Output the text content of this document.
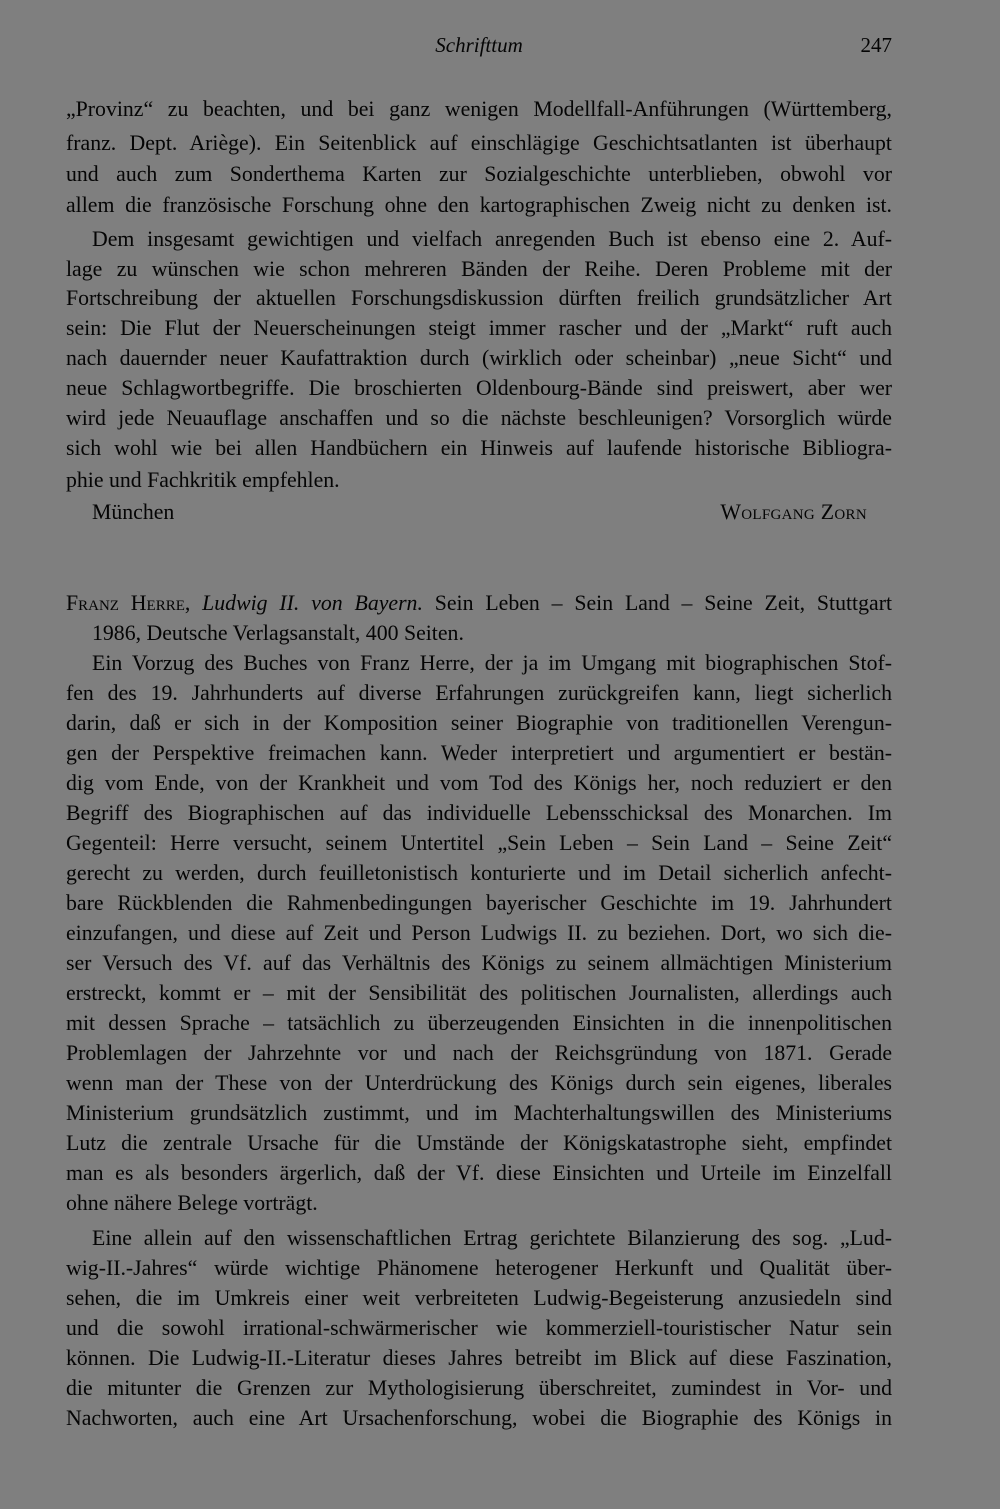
Schrifttum	247
„Provinz“ zu beachten, und bei ganz wenigen Modellfall-Anführungen (Württemberg,
franz. Dept. Ariège). Ein Seitenblick auf einschlägige Geschichtsatlanten ist überhaupt
und auch zum Sonderthema Karten zur Sozialgeschichte unterblieben, obwohl vor
allem die französische Forschung ohne den kartographischen Zweig nicht zu denken ist.
Dem insgesamt gewichtigen und vielfach anregenden Buch ist ebenso eine 2. Auf-
lage zu wünschen wie schon mehreren Bänden der Reihe. Deren Probleme mit der
Fortschreibung der aktuellen Forschungsdiskussion dürften freilich grundsätzlicher Art
sein: Die Flut der Neuerscheinungen steigt immer rascher und der „Markt“ ruft auch
nach dauernder neuer Kaufattraktion durch (wirklich oder scheinbar) „neue Sicht“ und
neue Schlagwortbegriffe. Die broschierten Oldenbourg-Bände sind preiswert, aber wer
wird jede Neuauflage anschaffen und so die nächste beschleunigen? Vorsorglich würde
sich wohl wie bei allen Handbüchern ein Hinweis auf laufende historische Bibliogra-
phie und Fachkritik empfehlen.
München	Wolfgang Zorn
Franz Herre, Ludwig II. von Bayern. Sein Leben – Sein Land – Seine Zeit, Stuttgart
1986, Deutsche Verlagsanstalt, 400 Seiten.
Ein Vorzug des Buches von Franz Herre, der ja im Umgang mit biographischen Stof-
fen des 19. Jahrhunderts auf diverse Erfahrungen zurückgreifen kann, liegt sicherlich
darin, daß er sich in der Komposition seiner Biographie von traditionellen Verengun-
gen der Perspektive freimachen kann. Weder interpretiert und argumentiert er bestän-
dig vom Ende, von der Krankheit und vom Tod des Königs her, noch reduziert er den
Begriff des Biographischen auf das individuelle Lebensschicksal des Monarchen. Im
Gegenteil: Herre versucht, seinem Untertitel „Sein Leben – Sein Land – Seine Zeit“
gerecht zu werden, durch feuilletonistisch konturierte und im Detail sicherlich anfecht-
bare Rückblenden die Rahmenbedingungen bayerischer Geschichte im 19. Jahrhundert
einzufangen, und diese auf Zeit und Person Ludwigs II. zu beziehen. Dort, wo sich die-
ser Versuch des Vf. auf das Verhältnis des Königs zu seinem allmächtigen Ministerium
erstreckt, kommt er – mit der Sensibilität des politischen Journalisten, allerdings auch
mit dessen Sprache – tatsächlich zu überzeugenden Einsichten in die innenpolitischen
Problemlagen der Jahrzehnte vor und nach der Reichsgründung von 1871. Gerade
wenn man der These von der Unterdrückung des Königs durch sein eigenes, liberales
Ministerium grundsätzlich zustimmt, und im Machterhaltungswillen des Ministeriums
Lutz die zentrale Ursache für die Umstände der Königskatastrophe sieht, empfindet
man es als besonders ärgerlich, daß der Vf. diese Einsichten und Urteile im Einzelfall
ohne nähere Belege vorträgt.
Eine allein auf den wissenschaftlichen Ertrag gerichtete Bilanzierung des sog. „Lud-
wig-II.-Jahres“ würde wichtige Phänomene heterogener Herkunft und Qualität über-
sehen, die im Umkreis einer weit verbreiteten Ludwig-Begeisterung anzusiedeln sind
und die sowohl irrational-schwärmerischer wie kommerziell-touristischer Natur sein
können. Die Ludwig-II.-Literatur dieses Jahres betreibt im Blick auf diese Faszination,
die mitunter die Grenzen zur Mythologisierung überschreitet, zumindest in Vor- und
Nachworten, auch eine Art Ursachenforschung, wobei die Biographie des Königs in
